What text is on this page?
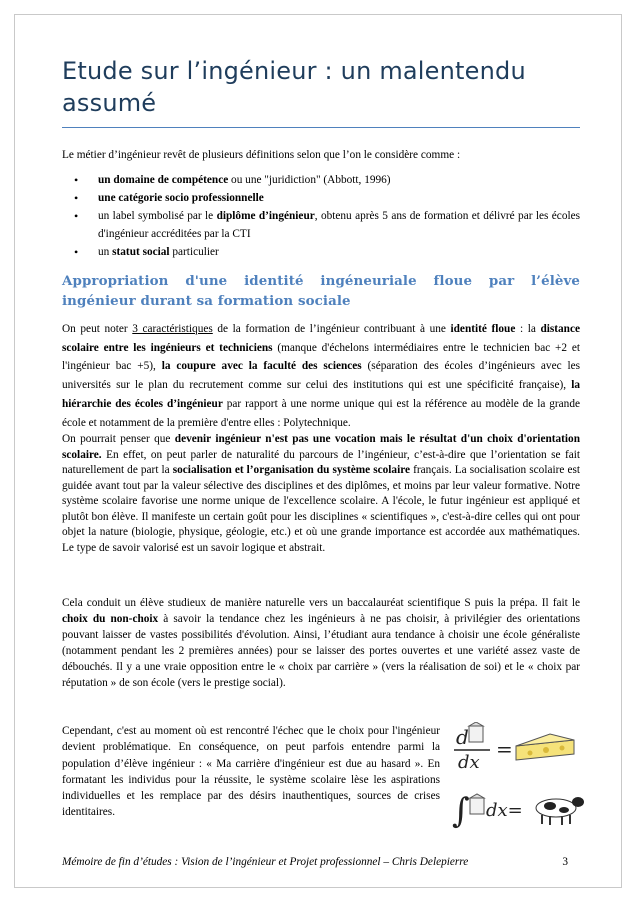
Etude sur l’ingénieur : un malentendu assumé
Le métier d’ingénieur revêt de plusieurs définitions selon que l’on le considère comme :
• un domaine de compétence ou une "juridiction" (Abbott, 1996)
• une catégorie socio professionnelle
• un label symbolisé par le diplôme d’ingénieur, obtenu après 5 ans de formation et délivré par les écoles d'ingénieur accréditées par la CTI
• un statut social particulier
Appropriation d'une identité ingéneuriale floue par l’élève ingénieur durant sa formation sociale
On peut noter 3 caractéristiques de la formation de l’ingénieur contribuant à une identité floue : la distance scolaire entre les ingénieurs et techniciens (manque d'échelons intermédiaires entre le technicien bac +2 et l'ingénieur bac +5), la coupure avec la faculté des sciences (séparation des écoles d’ingénieurs avec les universités sur le plan du recrutement comme sur celui des institutions qui est une spécificité française), la hiérarchie des écoles d’ingénieur par rapport à une norme unique qui est la référence au modèle de la grande école et notamment de la première d'entre elles : Polytechnique.
On pourrait penser que devenir ingénieur n'est pas une vocation mais le résultat d'un choix d'orientation scolaire. En effet, on peut parler de naturalité du parcours de l’ingénieur, c’est-à-dire que l’orientation se fait naturellement de part la socialisation et l’organisation du système scolaire français. La socialisation scolaire est guidée avant tout par la valeur sélective des disciplines et des diplômes, et moins par leur valeur formative. Notre système scolaire favorise une norme unique de l'excellence scolaire. A l'école, le futur ingénieur est appliqué et plutôt bon élève. Il manifeste un certain goût pour les disciplines « scientifiques », c'est-à-dire celles qui ont pour objet la nature (biologie, physique, géologie, etc.) et où une grande importance est accordée aux mathématiques. Le type de savoir valorisé est un savoir logique et abstrait.
Cela conduit un élève studieux de manière naturelle vers un baccalauréat scientifique S puis la prépa. Il fait le choix du non-choix à savoir la tendance chez les ingénieurs à ne pas choisir, à privilégier des orientations pouvant laisser de vastes possibilités d'évolution. Ainsi, l’étudiant aura tendance à choisir une école généraliste (notamment pendant les 2 premières années) pour se laisser des portes ouvertes et une variété assez vaste de débouchés. Il y a une vraie opposition entre le « choix par carrière » (vers la réalisation de soi) et le « choix par réputation » de son école (vers le prestige social).
Cependant, c'est au moment où est rencontré l'échec que le choix pour l'ingénieur devient problématique. En conséquence, on peut parfois entendre parmi la population d’élève ingénieur : « Ma carrière d'ingénieur est due au hasard ». En formatant les individus pour la réussite, le système scolaire lèse les aspirations individuelles et les remplace par des désirs inauthentiques, sources de crises identitaires.
d
dx
=
∫ dx=
Mémoire de fin d’études : Vision de l’ingénieur et Projet professionnel – Chris Delepierre	3
